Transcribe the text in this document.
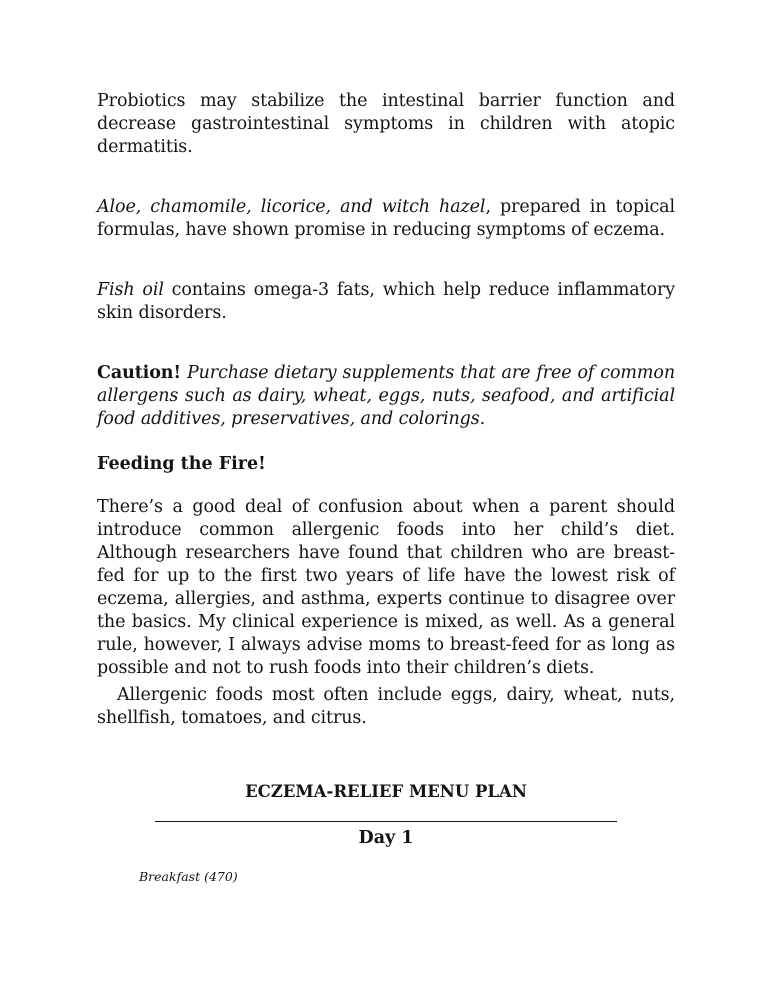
Probiotics may stabilize the intestinal barrier function and decrease gastrointestinal symptoms in children with atopic dermatitis.

Aloe, chamomile, licorice, and witch hazel, prepared in topical formulas, have shown promise in reducing symptoms of eczema.

Fish oil contains omega-3 fats, which help reduce inflammatory skin disorders.

Caution! Purchase dietary supplements that are free of common allergens such as dairy, wheat, eggs, nuts, seafood, and artificial food additives, preservatives, and colorings.

Feeding the Fire!

There’s a good deal of confusion about when a parent should introduce common allergenic foods into her child’s diet. Although researchers have found that children who are breast-fed for up to the first two years of life have the lowest risk of eczema, allergies, and asthma, experts continue to disagree over the basics. My clinical experience is mixed, as well. As a general rule, however, I always advise moms to breast-feed for as long as possible and not to rush foods into their children’s diets.

Allergenic foods most often include eggs, dairy, wheat, nuts, shellfish, tomatoes, and citrus.

ECZEMA-RELIEF MENU PLAN
Day 1
Breakfast (470)
